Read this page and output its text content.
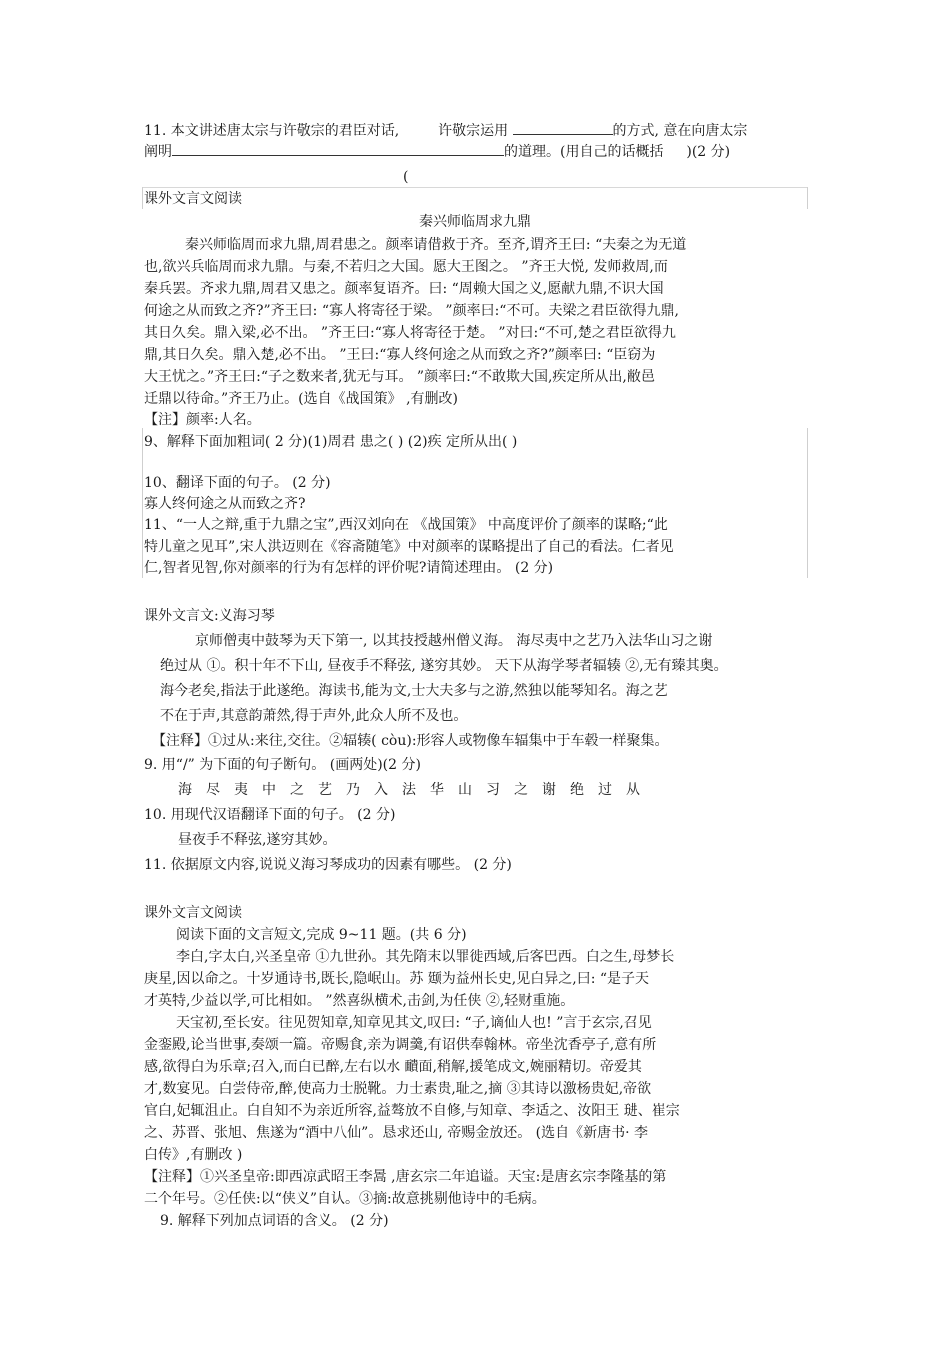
11. 本文讲述唐太宗与许敬宗的君臣对话,	许敬宗运用	的方式, 意在向唐太宗
阐明	的道理。(用自己的话概括 )(2 分)
(
课外文言文阅读
秦兴师临周求九鼎
秦兴师临周而求九鼎,周君患之。颜率请借救于齐。至齐,谓齐王曰: “夫秦之为无道
也,欲兴兵临周而求九鼎。与秦,不若归之大国。愿大王图之。 ”齐王大悦, 发师救周,而
秦兵罢。齐求九鼎,周君又患之。颜率复语齐。曰: “周赖大国之义,愿献九鼎,不识大国
何途之从而致之齐?”齐王曰: “寡人将寄径于梁。 ”颜率曰:“不可。夫梁之君臣欲得九鼎,
其日久矣。鼎入梁,必不出。 ”齐王曰:“寡人将寄径于楚。 ”对曰:“不可,楚之君臣欲得九
鼎,其日久矣。鼎入楚,必不出。 ”王曰:“寡人终何途之从而致之齐?”颜率曰: “臣窃为
大王忧之。”齐王曰:“子之数来者,犹无与耳。 ”颜率曰:“不敢欺大国,疾定所从出,敝邑
迁鼎以待命。”齐王乃止。(选自《战国策》 ,有删改)
【注】颜率:人名。
9、解释下面加粗词( 2 分)(1)周君 患之( ) (2)疾 定所从出( )
10、翻译下面的句子。 (2 分)
寡人终何途之从而致之齐?
11、“一人之辩,重于九鼎之宝”,西汉刘向在 《战国策》 中高度评价了颜率的谋略;“此
特儿童之见耳”,宋人洪迈则在《容斋随笔》中对颜率的谋略提出了自己的看法。仁者见
仁,智者见智,你对颜率的行为有怎样的评价呢?请简述理由。 (2 分)
课外文言文:义海习琴
京师僧夷中鼓琴为天下第一, 以其技授越州僧义海。 海尽夷中之艺乃入法华山习之谢
绝过从 ①。积十年不下山, 昼夜手不释弦, 遂穷其妙。 天下从海学琴者辐辏 ②,无有臻其奥。
海今老矣,指法于此遂绝。海读书,能为文,士大夫多与之游,然独以能琴知名。海之艺
不在于声,其意韵萧然,得于声外,此众人所不及也。
【注释】①过从:来往,交往。②辐辏( còu):形容人或物像车辐集中于车毂一样聚集。
9. 用“/” 为下面的句子断句。 (画两处)(2 分)
海尽夷中之艺乃入法华山习之谢绝过从
10. 用现代汉语翻译下面的句子。 (2 分)
昼夜手不释弦,遂穷其妙。
11. 依据原文内容,说说义海习琴成功的因素有哪些。 (2 分)
课外文言文阅读
阅读下面的文言短文,完成 9~11 题。(共 6 分)
李白,字太白,兴圣皇帝 ①九世孙。其先隋末以罪徙西域,后客巴西。白之生,母梦长
庚星,因以命之。十岁通诗书,既长,隐岷山。苏 颋为益州长史,见白异之,曰: “是子天
才英特,少益以学,可比相如。 ”然喜纵横术,击剑,为任侠 ②,轻财重施。
天宝初,至长安。往见贺知章,知章见其文,叹曰: “子,谪仙人也! ”言于玄宗,召见
金銮殿,论当世事,奏颂一篇。帝赐食,亲为调羹,有诏供奉翰林。帝坐沈香亭子,意有所
感,欲得白为乐章;召入,而白已醉,左右以水 靧面,稍解,援笔成文,婉丽精切。帝爱其
才,数宴见。白尝侍帝,醉,使高力士脱靴。力士素贵,耻之,摘 ③其诗以激杨贵妃,帝欲
官白,妃辄沮止。白自知不为亲近所容,益骜放不自修,与知章、李适之、汝阳王 琎、崔宗
之、苏晋、张旭、焦遂为“酒中八仙”。恳求还山, 帝赐金放还。 (选自《新唐书· 李
白传》,有删改 )
【注释】①兴圣皇帝:即西凉武昭王李暠 ,唐玄宗二年追谥。天宝:是唐玄宗李隆基的第
二个年号。②任侠:以“侠义”自认。③摘:故意挑剔他诗中的毛病。
9. 解释下列加点词语的含义。 (2 分)
